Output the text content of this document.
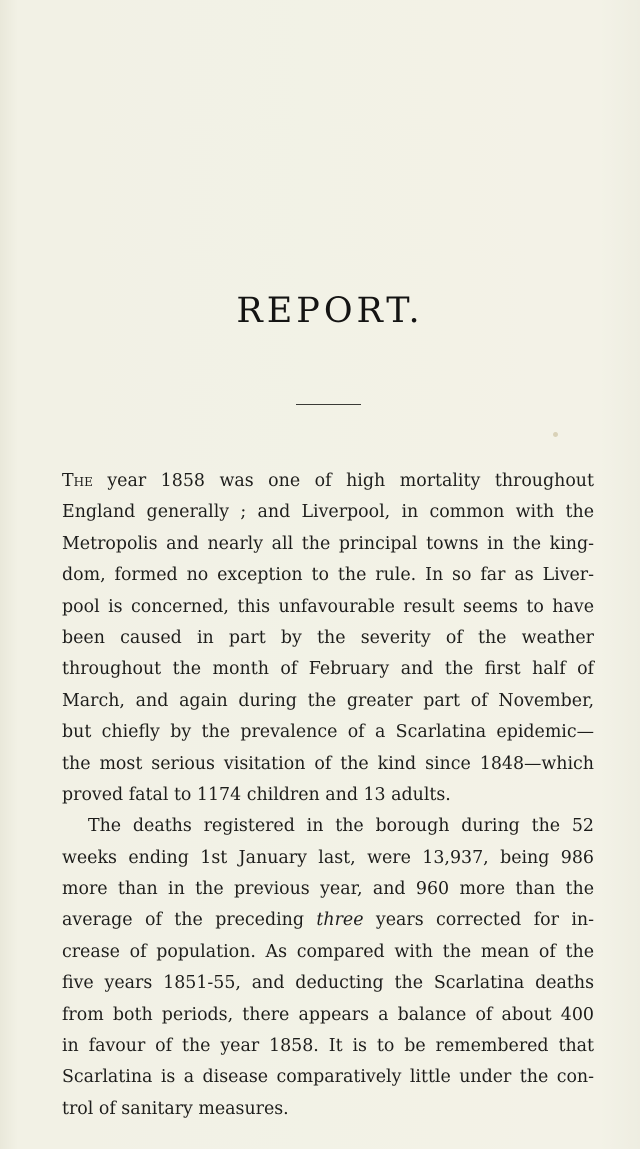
REPORT.
The year 1858 was one of high mortality throughout
England generally ; and Liverpool, in common with the
Metropolis and nearly all the principal towns in the king-
dom, formed no exception to the rule. In so far as Liver-
pool is concerned, this unfavourable result seems to have
been caused in part by the severity of the weather
throughout the month of February and the first half of
March, and again during the greater part of November,
but chiefly by the prevalence of a Scarlatina epidemic—
the most serious visitation of the kind since 1848—which
proved fatal to 1174 children and 13 adults.
The deaths registered in the borough during the 52
weeks ending 1st January last, were 13,937, being 986
more than in the previous year, and 960 more than the
average of the preceding three years corrected for in-
crease of population. As compared with the mean of the
five years 1851-55, and deducting the Scarlatina deaths
from both periods, there appears a balance of about 400
in favour of the year 1858. It is to be remembered that
Scarlatina is a disease comparatively little under the con-
trol of sanitary measures.
